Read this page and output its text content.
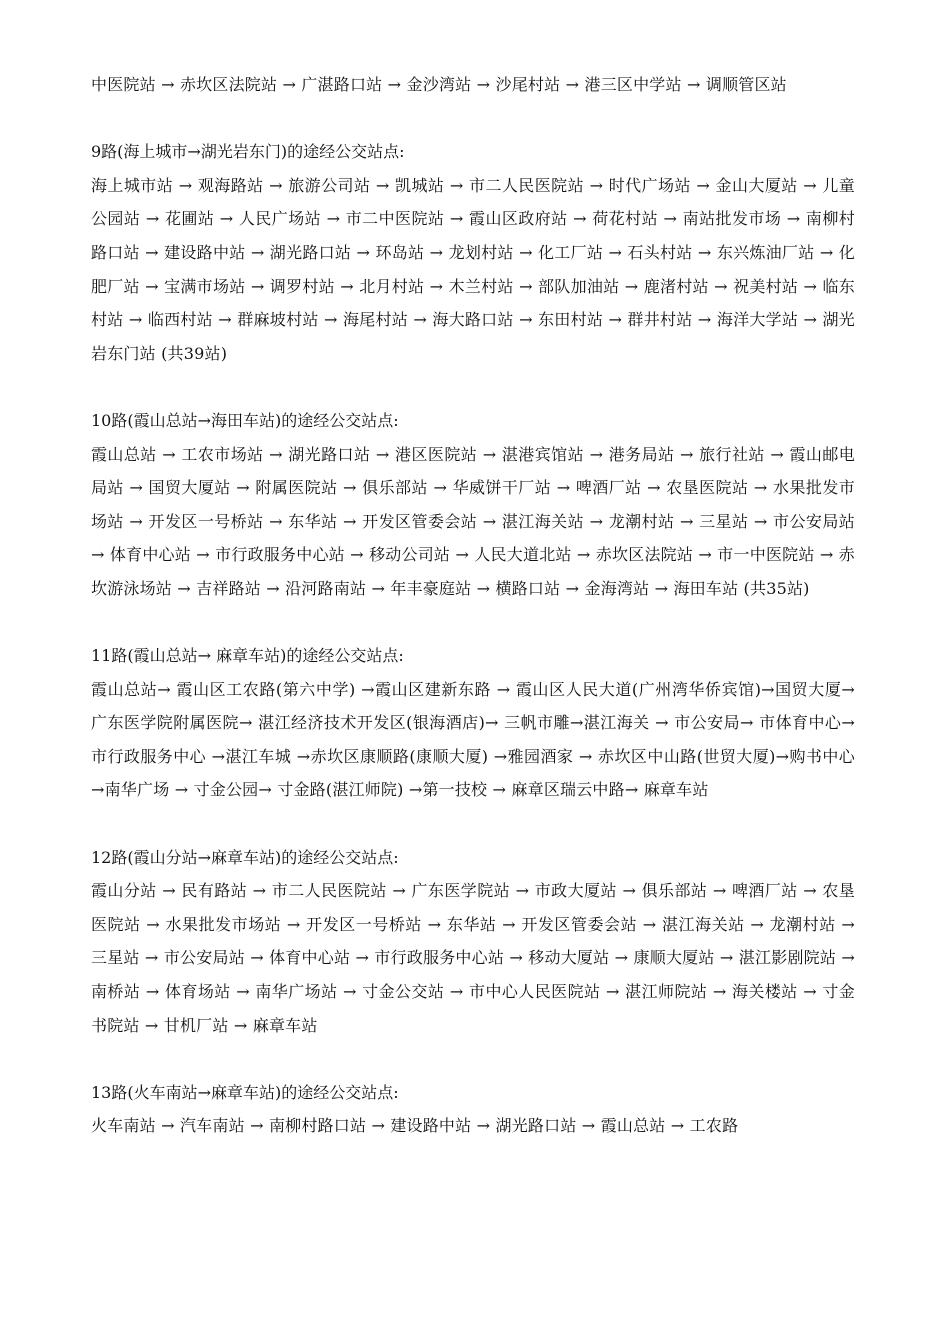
中医院站 → 赤坎区法院站 → 广湛路口站 → 金沙湾站 → 沙尾村站 → 港三区中学站 → 调顺管区站

9路(海上城市→湖光岩东门)的途经公交站点:

海上城市站 → 观海路站 → 旅游公司站 → 凯城站 → 市二人民医院站 → 时代广场站 → 金山大厦站 → 儿童公园站 → 花圃站 → 人民广场站 → 市二中医院站 → 霞山区政府站 → 荷花村站 → 南站批发市场 → 南柳村路口站 → 建设路中站 → 湖光路口站 → 环岛站 → 龙划村站 → 化工厂站 → 石头村站 → 东兴炼油厂站 → 化肥厂站 → 宝满市场站 → 调罗村站 → 北月村站 → 木兰村站 → 部队加油站 → 鹿渚村站 → 祝美村站 → 临东村站 → 临西村站 → 群麻坡村站 → 海尾村站 → 海大路口站 → 东田村站 → 群井村站 → 海洋大学站 → 湖光岩东门站 (共39站)

10路(霞山总站→海田车站)的途经公交站点:

霞山总站 → 工农市场站 → 湖光路口站 → 港区医院站 → 湛港宾馆站 → 港务局站 → 旅行社站 → 霞山邮电局站 → 国贸大厦站 → 附属医院站 → 俱乐部站 → 华威饼干厂站 → 啤酒厂站 → 农垦医院站 → 水果批发市场站 → 开发区一号桥站 → 东华站 → 开发区管委会站 → 湛江海关站 → 龙潮村站 → 三星站 → 市公安局站 → 体育中心站 → 市行政服务中心站 → 移动公司站 → 人民大道北站 → 赤坎区法院站 → 市一中医院站 → 赤坎游泳场站 → 吉祥路站 → 沿河路南站 → 年丰豪庭站 → 横路口站 → 金海湾站 → 海田车站 (共35站)

11路(霞山总站→ 麻章车站)的途经公交站点:

霞山总站→ 霞山区工农路(第六中学) →霞山区建新东路 → 霞山区人民大道(广州湾华侨宾馆)→国贸大厦→ 广东医学院附属医院→ 湛江经济技术开发区(银海酒店)→ 三帆市雕→湛江海关 → 市公安局→ 市体育中心→市行政服务中心 →湛江车城 →赤坎区康顺路(康顺大厦) →雅园酒家 → 赤坎区中山路(世贸大厦)→购书中心 →南华广场 → 寸金公园→ 寸金路(湛江师院) →第一技校 → 麻章区瑞云中路→ 麻章车站

12路(霞山分站→麻章车站)的途经公交站点:

霞山分站 → 民有路站 → 市二人民医院站 → 广东医学院站 → 市政大厦站 → 俱乐部站 → 啤酒厂站 → 农垦医院站 → 水果批发市场站 → 开发区一号桥站 → 东华站 → 开发区管委会站 → 湛江海关站 → 龙潮村站 → 三星站 → 市公安局站 → 体育中心站 → 市行政服务中心站 → 移动大厦站 → 康顺大厦站 → 湛江影剧院站 → 南桥站 → 体育场站 → 南华广场站 → 寸金公交站 → 市中心人民医院站 → 湛江师院站 → 海关楼站 → 寸金书院站 → 甘机厂站 → 麻章车站

13路(火车南站→麻章车站)的途经公交站点:

火车南站 → 汽车南站 → 南柳村路口站 → 建设路中站 → 湖光路口站 → 霞山总站 → 工农路
